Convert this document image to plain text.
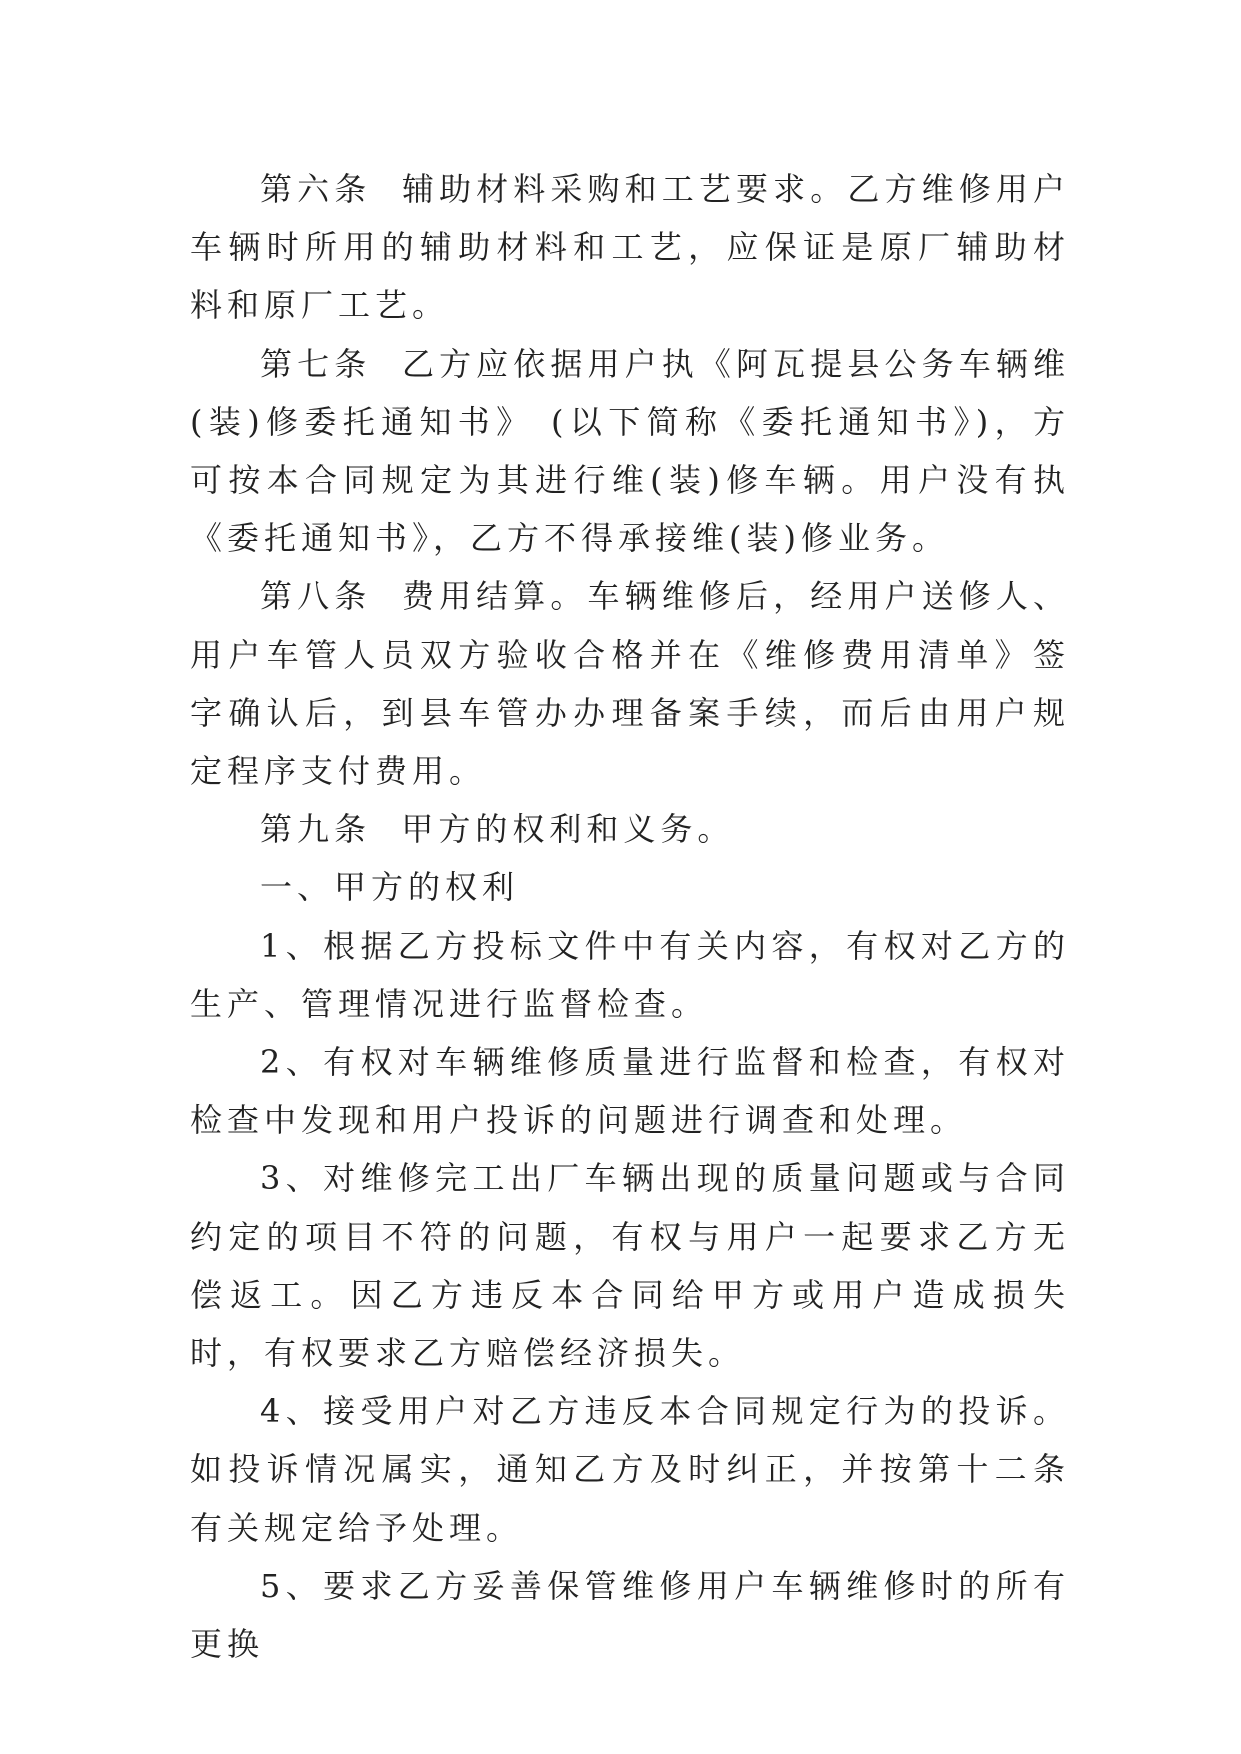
第六条  辅助材料采购和工艺要求。乙方维修用户车辆时所用的辅助材料和工艺，应保证是原厂辅助材料和原厂工艺。

第七条  乙方应依据用户执《阿瓦提县公务车辆维(装)修委托通知书》 (以下简称《委托通知书》)，方可按本合同规定为其进行维(装)修车辆。用户没有执《委托通知书》，乙方不得承接维(装)修业务。

第八条  费用结算。车辆维修后，经用户送修人、用户车管人员双方验收合格并在《维修费用清单》签字确认后，到县车管办办理备案手续，而后由用户规定程序支付费用。

第九条  甲方的权利和义务。

一、甲方的权利

1、根据乙方投标文件中有关内容，有权对乙方的生产、管理情况进行监督检查。

2、有权对车辆维修质量进行监督和检查，有权对检查中发现和用户投诉的问题进行调查和处理。

3、对维修完工出厂车辆出现的质量问题或与合同约定的项目不符的问题，有权与用户一起要求乙方无偿返工。因乙方违反本合同给甲方或用户造成损失时，有权要求乙方赔偿经济损失。

4、接受用户对乙方违反本合同规定行为的投诉。如投诉情况属实，通知乙方及时纠正，并按第十二条有关规定给予处理。

5、要求乙方妥善保管维修用户车辆维修时的所有更换
